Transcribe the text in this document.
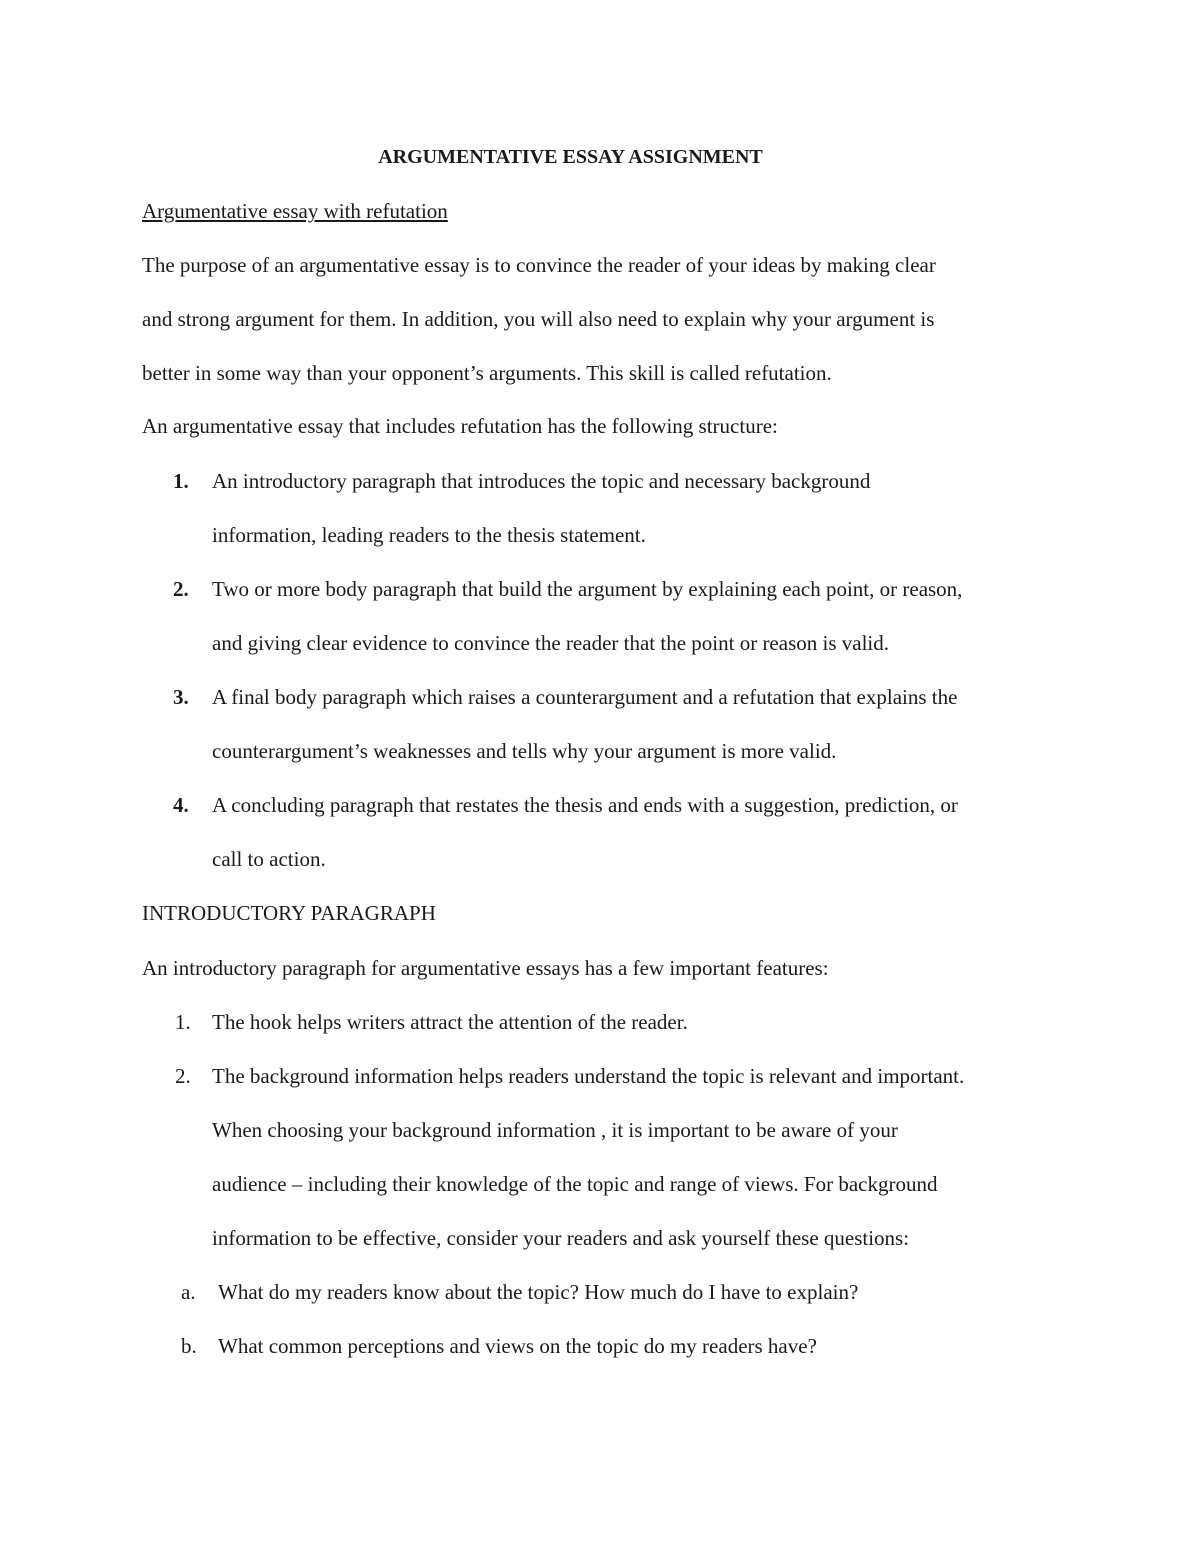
ARGUMENTATIVE ESSAY ASSIGNMENT
Argumentative essay with refutation
The purpose of an argumentative essay is to convince the reader of your ideas by making clear
and strong argument for them. In addition, you will also need to explain why your argument is
better in some way than your opponent’s arguments. This skill is called refutation.
An argumentative essay that includes refutation has the following structure:
1. An introductory paragraph that introduces the topic and necessary background
information, leading readers to the thesis statement.
2. Two or more body paragraph that build the argument by explaining each point, or reason,
and giving clear evidence to convince the reader that the point or reason is valid.
3. A final body paragraph which raises a counterargument and a refutation that explains the
counterargument’s weaknesses and tells why your argument is more valid.
4. A concluding paragraph that restates the thesis and ends with a suggestion, prediction, or
call to action.
INTRODUCTORY PARAGRAPH
An introductory paragraph for argumentative essays has a few important features:
1. The hook helps writers attract the attention of the reader.
2. The background information helps readers understand the topic is relevant and important.
When choosing your background information , it is important to be aware of your
audience – including their knowledge of the topic and range of views. For background
information to be effective, consider your readers and ask yourself these questions:
a. What do my readers know about the topic? How much do I have to explain?
b. What common perceptions and views on the topic do my readers have?
